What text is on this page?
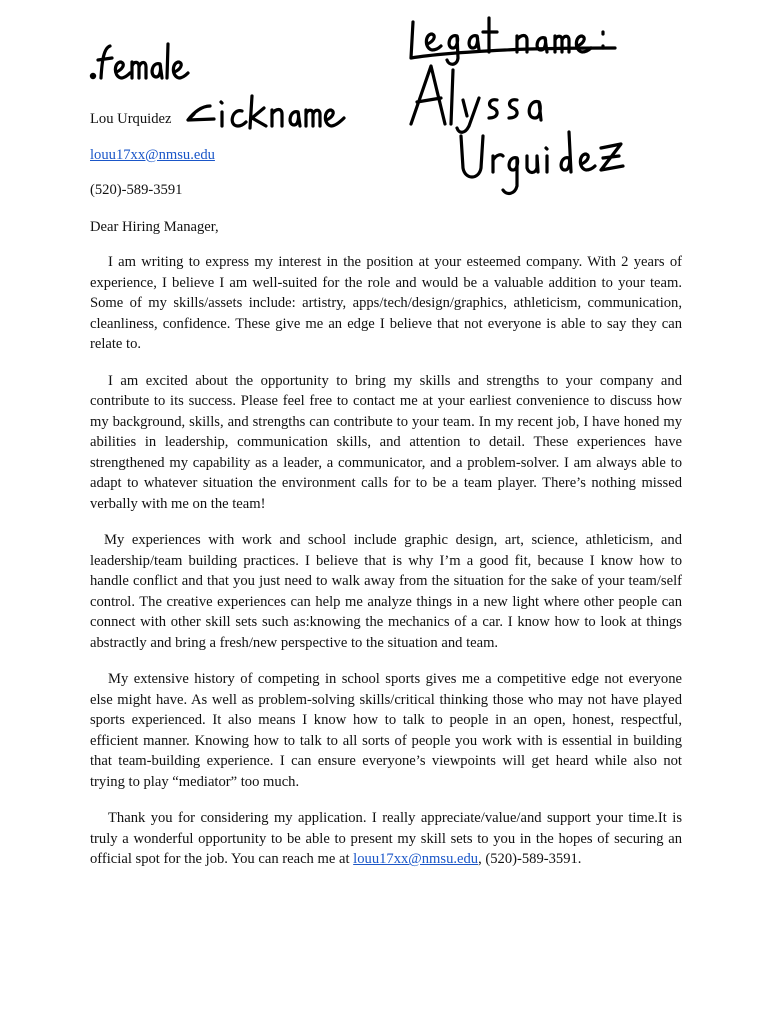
Lou Urquidez

louu17xx@nmsu.edu

(520)-589-3591

Dear Hiring Manager,

I am writing to express my interest in the position at your esteemed company. With 2 years of experience, I believe I am well-suited for the role and would be a valuable addition to your team. Some of my skills/assets include: artistry, apps/tech/design/graphics, athleticism, communication, cleanliness, confidence. These give me an edge I believe that not everyone is able to say they can relate to.

I am excited about the opportunity to bring my skills and strengths to your company and contribute to its success. Please feel free to contact me at your earliest convenience to discuss how my background, skills, and strengths can contribute to your team. In my recent job, I have honed my abilities in leadership, communication skills, and attention to detail. These experiences have strengthened my capability as a leader, a communicator, and a problem-solver. I am always able to adapt to whatever situation the environment calls for to be a team player. There’s nothing missed verbally with me on the team!

My experiences with work and school include graphic design, art, science, athleticism, and leadership/team building practices. I believe that is why I’m a good fit, because I know how to handle conflict and that you just need to walk away from the situation for the sake of your team/self control. The creative experiences can help me analyze things in a new light where other people can connect with other skill sets such as:knowing the mechanics of a car. I know how to look at things abstractly and bring a fresh/new perspective to the situation and team.

My extensive history of competing in school sports gives me a competitive edge not everyone else might have. As well as problem-solving skills/critical thinking those who may not have played sports experienced. It also means I know how to talk to people in an open, honest, respectful, efficient manner. Knowing how to talk to all sorts of people you work with is essential in building that team-building experience. I can ensure everyone’s viewpoints will get heard while also not trying to play “mediator” too much.

Thank you for considering my application. I really appreciate/value/and support your time.It is truly a wonderful opportunity to be able to present my skill sets to you in the hopes of securing an official spot for the job. You can reach me at louu17xx@nmsu.edu, (520)-589-3591.
